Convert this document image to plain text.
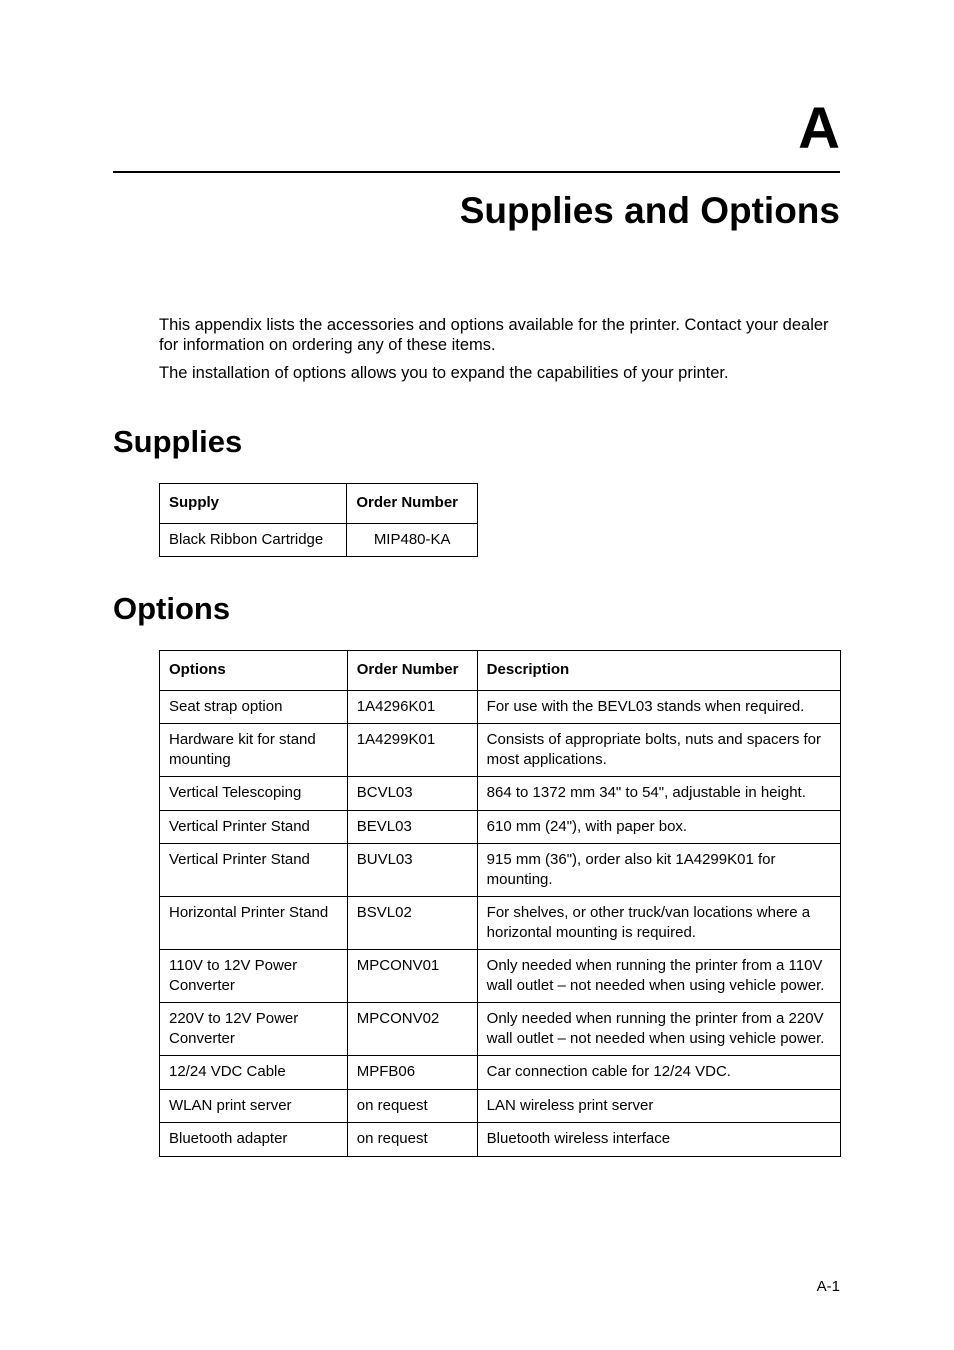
A
Supplies and Options

This appendix lists the accessories and options available for the printer. Contact your dealer for information on ordering any of these items.

The installation of options allows you to expand the capabilities of your printer.

Supplies
Supply	Order Number
Black Ribbon Cartridge	MIP480-KA
Options
Options	Order Number	Description
Seat strap option	1A4296K01	For use with the BEVL03 stands when required.
Hardware kit for stand mounting	1A4299K01	Consists of appropriate bolts, nuts and spacers for most applications.
Vertical Telescoping	BCVL03	864 to 1372 mm 34" to 54", adjustable in height.
Vertical Printer Stand	BEVL03	610 mm (24"), with paper box.
Vertical Printer Stand	BUVL03	915 mm (36"), order also kit 1A4299K01 for mounting.
Horizontal Printer Stand	BSVL02	For shelves, or other truck/van locations where a horizontal mounting is required.
110V to 12V Power Converter	MPCONV01	Only needed when running the printer from a 110V wall outlet – not needed when using vehicle power.
220V to 12V Power Converter	MPCONV02	Only needed when running the printer from a 220V wall outlet – not needed when using vehicle power.
12/24 VDC Cable	MPFB06	Car connection cable for 12/24 VDC.
WLAN print server	on request	LAN wireless print server
Bluetooth adapter	on request	Bluetooth wireless interface
A-1
